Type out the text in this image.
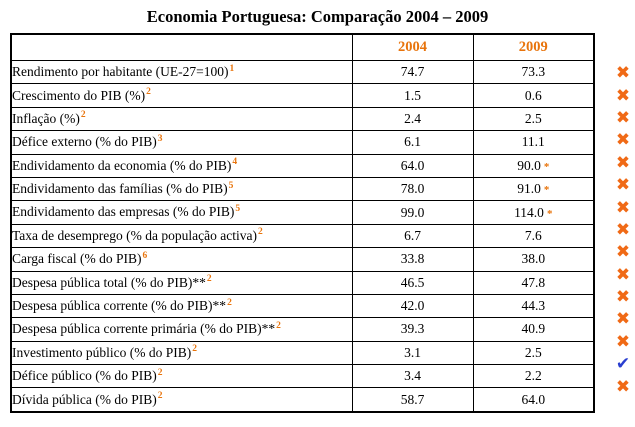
Economia Portuguesa: Comparação 2004 – 2009
	2004	2009
Rendimento por habitante (UE-27=100)$^1$	74.7	73.3
Crescimento do PIB (%)$^2$	1.5	0.6
Inflação (%)$^2$	2.4	2.5
Défice externo (% do PIB)$^3$	6.1	11.1
Endividamento da economia (% do PIB)$^4$	64.0	90.0 *
Endividamento das famílias (% do PIB)$^5$	78.0	91.0 *
Endividamento das empresas (% do PIB)$^5$	99.0	114.0 *
Taxa de desemprego (% da população activa)$^2$	6.7	7.6
Carga fiscal (% do PIB)$^6$	33.8	38.0
Despesa pública total (% do PIB)**$^2$	46.5	47.8
Despesa pública corrente (% do PIB)**$^2$	42.0	44.3
Despesa pública corrente primária (% do PIB)**$^2$	39.3	40.9
Investimento público (% do PIB)$^2$	3.1	2.5
Défice público (% do PIB)$^2$	3.4	2.2
Dívida pública (% do PIB)$^2$	58.7	64.0
✖
✖
✖
✖
✖
✖
✖
✖
✖
✖
✖
✖
✖
✔
✖
